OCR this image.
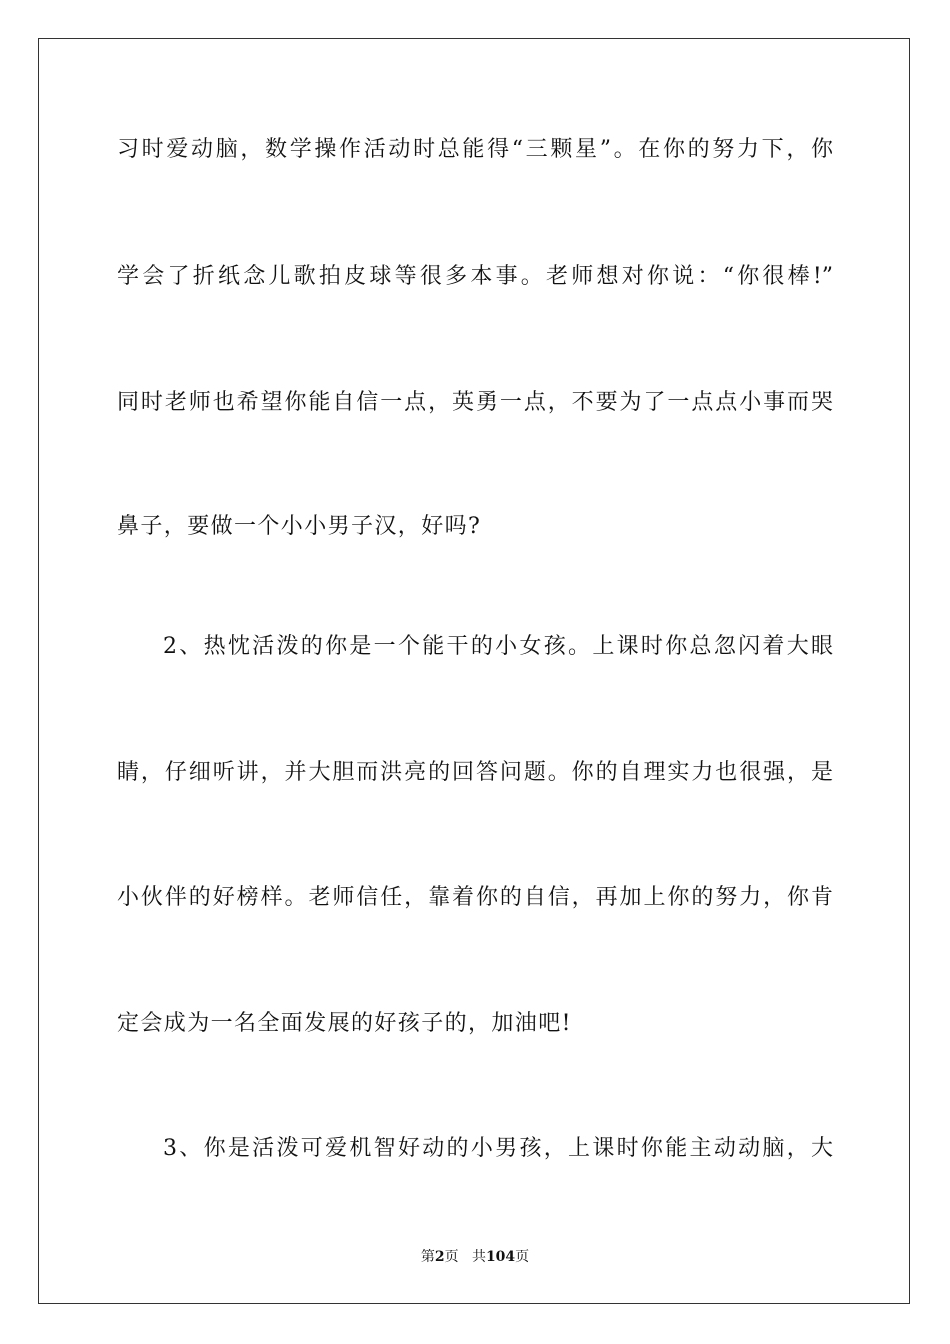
习时爱动脑，数学操作活动时总能得“三颗星”。在你的努力下，你
学会了折纸念儿歌拍皮球等很多本事。老师想对你说：“你很棒!”
同时老师也希望你能自信一点，英勇一点，不要为了一点点小事而哭
鼻子，要做一个小小男子汉，好吗?
2、热忱活泼的你是一个能干的小女孩。上课时你总忽闪着大眼
睛，仔细听讲，并大胆而洪亮的回答问题。你的自理实力也很强，是
小伙伴的好榜样。老师信任，靠着你的自信，再加上你的努力，你肯
定会成为一名全面发展的好孩子的，加油吧!
3、你是活泼可爱机智好动的小男孩，上课时你能主动动脑，大
第2页 共104页
